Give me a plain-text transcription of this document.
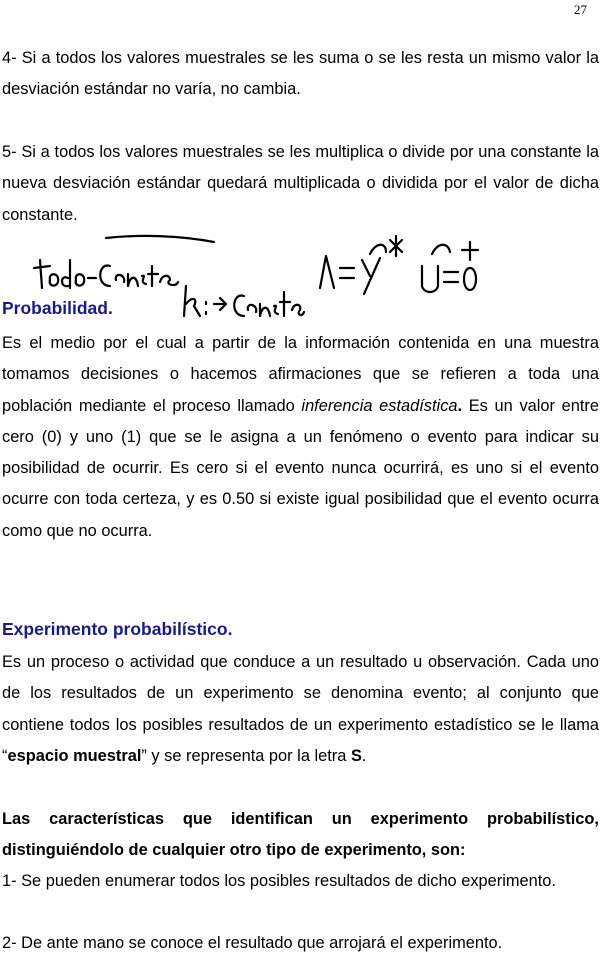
27

4- Si a todos los valores muestrales se les suma o se les resta un mismo valor la desviación estándar no varía, no cambia.

5- Si a todos los valores muestrales se les multiplica o divide por una constante la nueva desviación estándar quedará multiplicada o dividida por el valor de dicha constante.

Probabilidad.

Es el medio por el cual a partir de la información contenida en una muestra tomamos decisiones o hacemos afirmaciones que se refieren a toda una población mediante el proceso llamado inferencia estadística. Es un valor entre cero (0) y uno (1) que se le asigna a un fenómeno o evento para indicar su posibilidad de ocurrir. Es cero si el evento nunca ocurrirá, es uno si el evento ocurre con toda certeza, y es 0.50 si existe igual posibilidad que el evento ocurra como que no ocurra.

Experimento probabilístico.

Es un proceso o actividad que conduce a un resultado u observación. Cada uno de los resultados de un experimento se denomina evento; al conjunto que contiene todos los posibles resultados de un experimento estadístico se le llama “espacio muestral” y se representa por la letra S.

Las características que identifican un experimento probabilístico, distinguiéndolo de cualquier otro tipo de experimento, son:

1- Se pueden enumerar todos los posibles resultados de dicho experimento.

2- De ante mano se conoce el resultado que arrojará el experimento.
